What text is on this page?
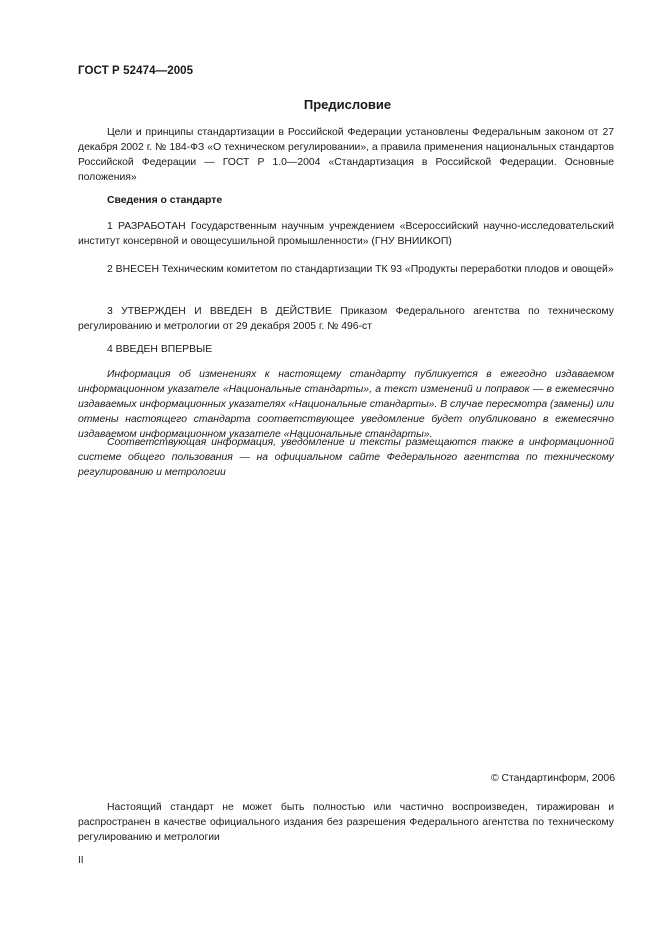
ГОСТ Р 52474—2005
Предисловие

Цели и принципы стандартизации в Российской Федерации установлены Федеральным законом от 27 декабря 2002 г. № 184-ФЗ «О техническом регулировании», а правила применения национальных стандартов Российской Федерации — ГОСТ Р 1.0—2004 «Стандартизация в Российской Федерации. Основные положения»

Сведения о стандарте

1 РАЗРАБОТАН Государственным научным учреждением «Всероссийский научно-исследовательский институт консервной и овощесушильной промышленности» (ГНУ ВНИИКОП)

2 ВНЕСЕН Техническим комитетом по стандартизации ТК 93 «Продукты переработки плодов и овощей»

3 УТВЕРЖДЕН И ВВЕДЕН В ДЕЙСТВИЕ Приказом Федерального агентства по техническому регулированию и метрологии от 29 декабря 2005 г. № 496-ст

4 ВВЕДЕН ВПЕРВЫЕ

Информация об изменениях к настоящему стандарту публикуется в ежегодно издаваемом информационном указателе «Национальные стандарты», а текст изменений и поправок — в ежемесячно издаваемых информационных указателях «Национальные стандарты». В случае пересмотра (замены) или отмены настоящего стандарта соответствующее уведомление будет опубликовано в ежемесячно издаваемом информационном указателе «Национальные стандарты».

Соответствующая информация, уведомление и тексты размещаются также в информационной системе общего пользования — на официальном сайте Федерального агентства по техническому регулированию и метрологии

© Стандартинформ, 2006

Настоящий стандарт не может быть полностью или частично воспроизведен, тиражирован и распространен в качестве официального издания без разрешения Федерального агентства по техническому регулированию и метрологии

II
